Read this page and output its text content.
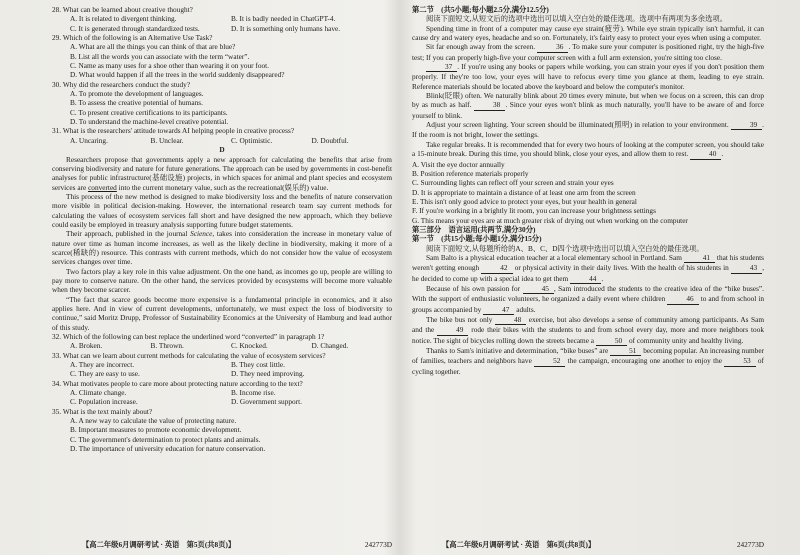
28. What can be learned about creative thought?

A. It is related to divergent thinking.	B. It is badly needed in ChatGPT-4.
C. It is generated through standardized tests.	D. It is something only humans have.

29. Which of the following is an Alternative Use Task?

A. What are all the things you can think of that are blue?

B. List all the words you can associate with the term “water”.

C. Name as many uses for a shoe other than wearing it on your foot.

D. What would happen if all the trees in the world suddenly disappeared?

30. Why did the researchers conduct the study?

A. To promote the development of languages.

B. To assess the creative potential of humans.

C. To present creative certifications to its participants.

D. To understand the machine-level creative potential.

31. What is the researchers' attitude towards AI helping people in creative process?

A. Uncaring.	B. Unclear.	C. Optimistic.	D. Doubtful.

D

Researchers propose that governments apply a new approach for calculating the benefits that arise from conserving biodiversity and nature for future generations. The approach can be used by governments in cost-benefit analyses for public infrastructure(基础设施) projects, in which spaces for animal and plant species and ecosystem services are converted into the current monetary value, such as the recreational(娱乐的) value.

This process of the new method is designed to make biodiversity loss and the benefits of nature conservation more visible in political decision-making. However, the international research team say current methods for calculating the values of ecosystem services fall short and have designed the new approach, which they believe could easily be employed in treasury analysis supporting future budget statements.

Their approach, published in the journal Science, takes into consideration the increase in monetary value of nature over time as human income increases, as well as the likely decline in biodiversity, making it more of a scarce(稀缺的) resource. This contrasts with current methods, which do not consider how the value of ecosystem services changes over time.

Two factors play a key role in this value adjustment. On the one hand, as incomes go up, people are willing to pay more to conserve nature. On the other hand, the services provided by ecosystems will become more valuable when they become scarcer.

“The fact that scarce goods become more expensive is a fundamental principle in economics, and it also applies here. And in view of current developments, unfortunately, we must expect the loss of biodiversity to continue,” said Moritz Drupp, Professor of Sustainability Economics at the University of Hamburg and lead author of this study.

32. Which of the following can best replace the underlined word “converted” in paragraph 1?

A. Broken.	B. Thrown.	C. Knocked.	D. Changed.

33. What can we learn about current methods for calculating the value of ecosystem services?

A. They are incorrect.	B. They cost little.
C. They are easy to use.	D. They need improving.

34. What motivates people to care more about protecting nature according to the text?

A. Climate change.	B. Income rise.
C. Population increase.	D. Government support.

35. What is the text mainly about?

A. A new way to calculate the value of protecting nature.

B. Important measures to promote economic development.

C. The government's determination to protect plants and animals.

D. The importance of university education for nature conservation.

【高二年级6月调研考试 · 英语　第5页(共8页)】	242773D

第二节　(共5小题;每小题2.5分,满分12.5分)

阅读下面短文,从短文后的选项中选出可以填入空白处的最佳选项。选项中有两项为多余选项。

Spending time in front of a computer may cause eye strain(疲劳). While eye strain typically isn't harmful, it can cause dry and watery eyes, headache and so on. Fortunately, it's fairly easy to protect your eyes when using a computer.

Sit far enough away from the screen.	36 . To make sure your computer is positioned right, try the high-five test; If you can properly high-five your computer screen with a full arm extension, you're sitting too close.

37 . If you're using any books or papers while working, you can strain your eyes if you don't position them properly. If they're too low, your eyes will have to refocus every time you glance at them, leading to eye strain. Reference materials should be located above the keyboard and below the computer's monitor.

Blink(眨眼) often. We naturally blink about 20 times every minute, but when we focus on a screen, this can drop by as much as half.	38 . Since your eyes won't blink as much naturally, you'll have to be aware of and force yourself to blink.

Adjust your screen lighting. Your screen should be illuminated(照明) in relation to your environment.	39 . If the room is not bright, lower the settings.

Take regular breaks. It is recommended that for every two hours of looking at the computer screen, you should take a 15-minute break. During this time, you should blink, close your eyes, and allow them to rest.	40 .

A. Visit the eye doctor annually

B. Position reference materials properly

C. Surrounding lights can reflect off your screen and strain your eyes

D. It is appropriate to maintain a distance of at least one arm from the screen

E. This isn't only good advice to protect your eyes, but your health in general

F. If you're working in a brightly lit room, you can increase your brightness settings

G. This means your eyes are at much greater risk of drying out when working on the computer

第三部分　语言运用(共两节,满分30分)

第一节　(共15小题;每小题1分,满分15分)

阅读下面短文,从每题所给的A、B、C、D四个选项中选出可以填入空白处的最佳选项。

Sam Balto is a physical education teacher at a local elementary school in Portland. Sam	41 that his students weren't getting enough	42 or physical activity in their daily lives. With the health of his students in	43 , he decided to come up with a special idea to get them	44 .

Because of his own passion for	45 , Sam introduced the students to the creative idea of the “bike buses”. With the support of enthusiastic volunteers, he organized a daily event where children	46 to and from school in groups accompanied by	47 adults.

The bike bus not only	48 exercise, but also develops a sense of community among participants. As Sam and the	49 rode their bikes with the students to and from school every day, more and more neighbors took notice. The sight of bicycles rolling down the streets became a	50 of community unity and healthy living.

Thanks to Sam's initiative and determination, “bike buses” are	51 becoming popular. An increasing number of families, teachers and neighbors have	52 the campaign, encouraging one another to enjoy the	53 of cycling together.

【高二年级6月调研考试 · 英语　第6页(共8页)】	242773D
